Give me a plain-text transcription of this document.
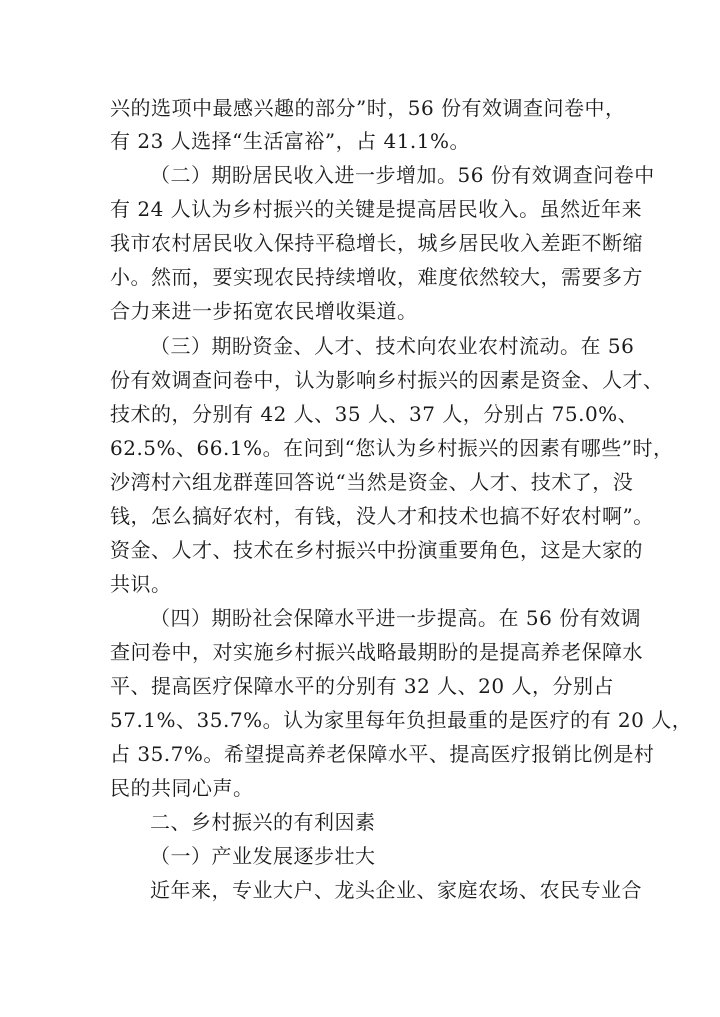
兴的选项中最感兴趣的部分”时，56 份有效调查问卷中，
有 23 人选择“生活富裕”，占 41.1%。
（二）期盼居民收入进一步增加。56 份有效调查问卷中
有 24 人认为乡村振兴的关键是提高居民收入。虽然近年来
我市农村居民收入保持平稳增长，城乡居民收入差距不断缩
小。然而，要实现农民持续增收，难度依然较大，需要多方
合力来进一步拓宽农民增收渠道。
（三）期盼资金、人才、技术向农业农村流动。在 56
份有效调查问卷中，认为影响乡村振兴的因素是资金、人才、
技术的，分别有 42 人、35 人、37 人，分别占 75.0%、
62.5%、66.1%。在问到“您认为乡村振兴的因素有哪些”时，
沙湾村六组龙群莲回答说“当然是资金、人才、技术了，没
钱，怎么搞好农村，有钱，没人才和技术也搞不好农村啊”。
资金、人才、技术在乡村振兴中扮演重要角色，这是大家的
共识。
（四）期盼社会保障水平进一步提高。在 56 份有效调
查问卷中，对实施乡村振兴战略最期盼的是提高养老保障水
平、提高医疗保障水平的分别有 32 人、20 人，分别占
57.1%、35.7%。认为家里每年负担最重的是医疗的有 20 人，
占 35.7%。希望提高养老保障水平、提高医疗报销比例是村
民的共同心声。
二、乡村振兴的有利因素
（一）产业发展逐步壮大
近年来，专业大户、龙头企业、家庭农场、农民专业合
